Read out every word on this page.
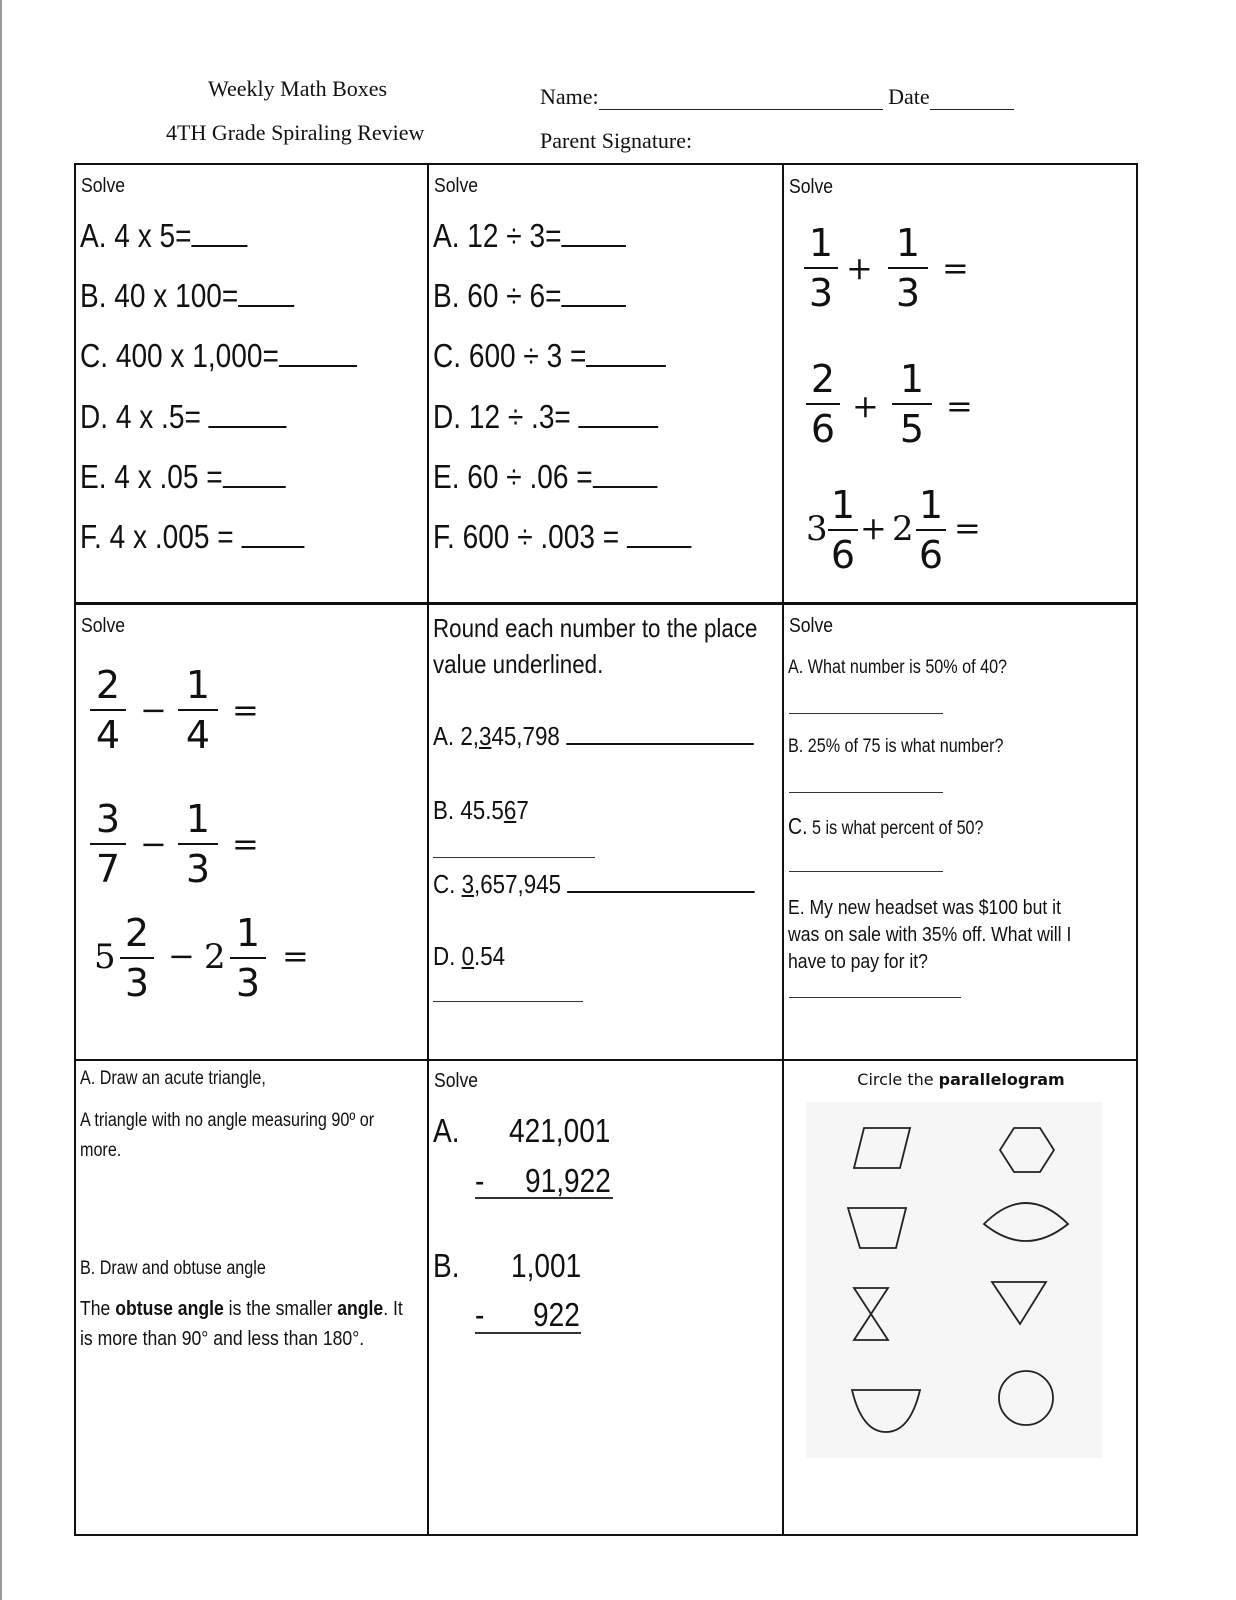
Weekly Math Boxes
4TH Grade Spiraling Review
Name:	Date
Parent Signature:
Solve
A. 4 x 5=
B. 40 x 100=
C. 400 x 1,000=
D. 4 x .5=
E. 4 x .05 =
F. 4 x .005 =
Solve
A. 12 ÷ 3=
B. 60 ÷ 6=
C. 600 ÷ 3 =
D. 12 ÷ .3=
E. 60 ÷ .06 =
F. 600 ÷ .003 =
Solve
1
3
+
1
3
=
2
6
+
1
5
=
3
1
6
+ 2
1
6
=
Solve
2
4
−
1
4
=
3
7
−
1
3
=
5
2
3
− 2
1
3
=
Round each number to the place
value underlined.
A. 2,345,798
B. 45.567
C. 3,657,945
D. 0.54
Solve
A. What number is 50% of 40?
B. 25% of 75 is what number?
C. 5 is what percent of 50?
E. My new headset was $100 but it
was on sale with 35% off. What will I
have to pay for it?
A. Draw an acute triangle,
A triangle with no angle measuring 90º or
more.
B. Draw and obtuse angle
The obtuse angle is the smaller angle. It
is more than 90° and less than 180°.
Solve
A. 421,001
- 91,922
B. 1,001
- 922
Circle the parallelogram
